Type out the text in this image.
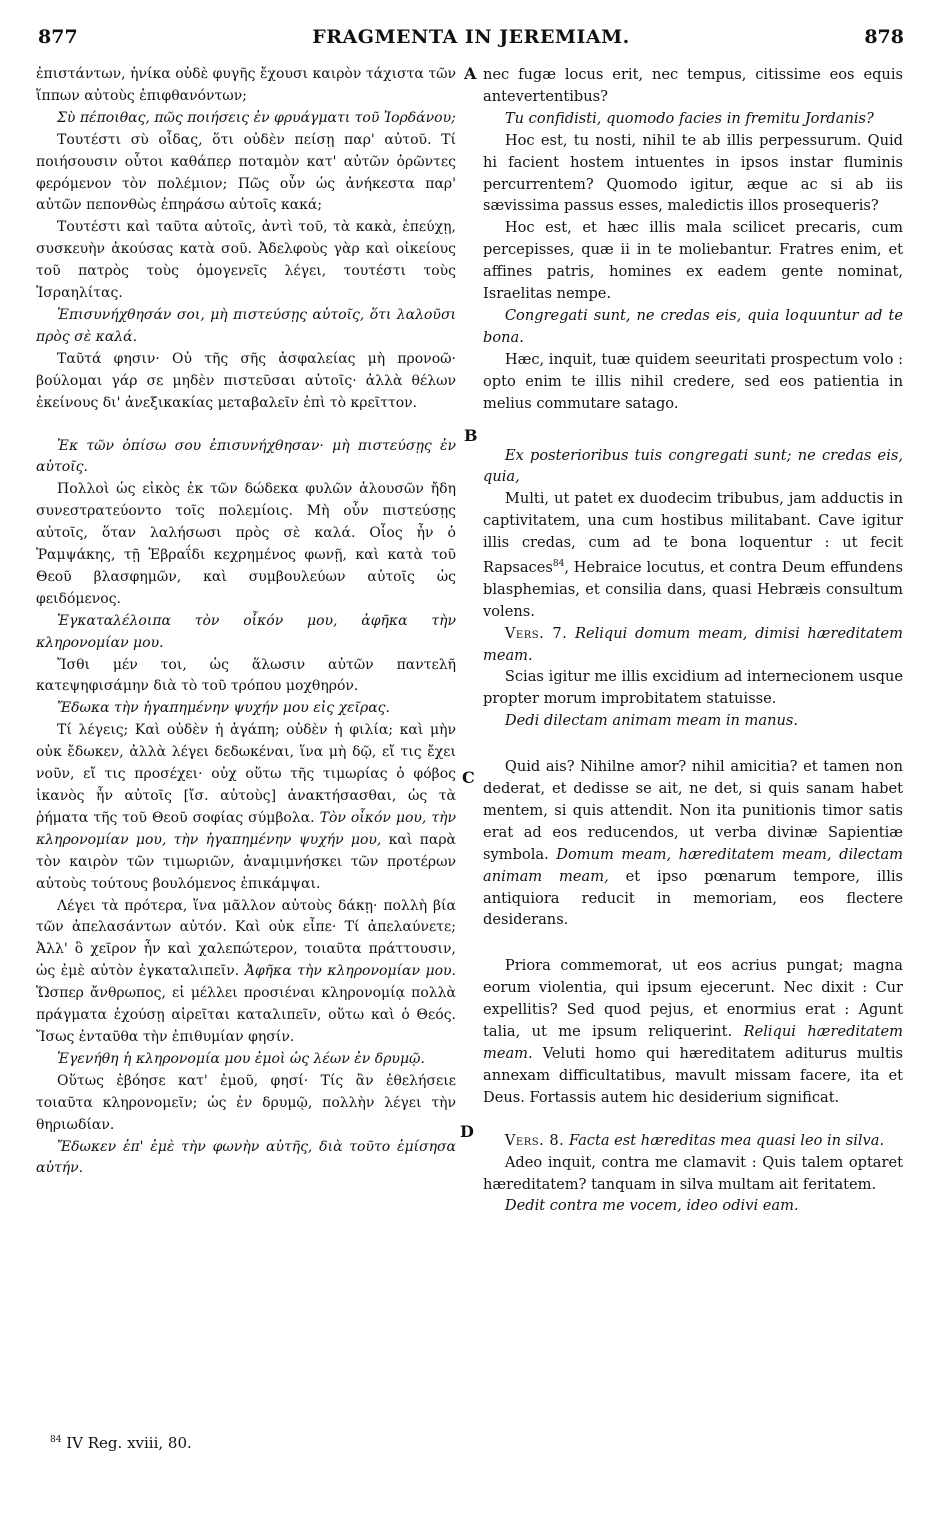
877	FRAGMENTA IN JEREMIAM.	878

ἐπιστάντων, ἡνίκα οὐδὲ φυγῆς ἔχουσι καιρὸν τάχιστα τῶν ἵππων αὐτοὺς ἐπιφθανόντων;

Σὺ πέποιθας, πῶς ποιήσεις ἐν φρυάγματι τοῦ Ἰορδάνου;

Τουτέστι σὺ οἶδας, ὅτι οὐδὲν πείσῃ παρ' αὐτοῦ. Τί ποιήσουσιν οὗτοι καθάπερ ποταμὸν κατ' αὐτῶν ὁρῶντες φερόμενον τὸν πολέμιον; Πῶς οὖν ὡς ἀνήκεστα παρ' αὐτῶν πεπονθὼς ἐπηράσω αὐτοῖς κακά;

Τουτέστι καὶ ταῦτα αὐτοῖς, ἀντὶ τοῦ, τὰ κακὰ, ἐπεύχῃ, συσκευὴν ἀκούσας κατὰ σοῦ. Ἀδελφοὺς γὰρ καὶ οἰκείους τοῦ πατρὸς τοὺς ὁμογενεῖς λέγει, τουτέστι τοὺς Ἰσραηλίτας.

Ἐπισυνήχθησάν σοι, μὴ πιστεύσῃς αὐτοῖς, ὅτι λαλοῦσι πρὸς σὲ καλά.

Ταῦτά φησιν· Οὐ τῆς σῆς ἀσφαλείας μὴ προνοῶ· βούλομαι γάρ σε μηδὲν πιστεῦσαι αὐτοῖς· ἀλλὰ θέλων ἐκείνους δι' ἀνεξικακίας μεταβαλεῖν ἐπὶ τὸ κρεῖττον.

Ἐκ τῶν ὀπίσω σου ἐπισυνήχθησαν· μὴ πιστεύσῃς ἐν αὐτοῖς.

Πολλοὶ ὡς εἰκὸς ἐκ τῶν δώδεκα φυλῶν ἁλουσῶν ἤδη συνεστρατεύοντο τοῖς πολεμίοις. Μὴ οὖν πιστεύσῃς αὐτοῖς, ὅταν λαλήσωσι πρὸς σὲ καλά. Οἷος ἦν ὁ Ῥαμψάκης, τῇ Ἑβραΐδι κεχρημένος φωνῇ, καὶ κατὰ τοῦ Θεοῦ βλασφημῶν, καὶ συμβουλεύων αὐτοῖς ὡς φειδόμενος.

Ἐγκαταλέλοιπα τὸν οἶκόν μου, ἀφῆκα τὴν κληρονομίαν μου.

Ἴσθι μέν τοι, ὡς ἅλωσιν αὐτῶν παντελῆ κατεψηφισάμην διὰ τὸ τοῦ τρόπου μοχθηρόν.

Ἔδωκα τὴν ἠγαπημένην ψυχήν μου εἰς χεῖρας.

Τί λέγεις; Καὶ οὐδὲν ἡ ἀγάπη; οὐδὲν ἡ φιλία; καὶ μὴν οὐκ ἔδωκεν, ἀλλὰ λέγει δεδωκέναι, ἵνα μὴ δῷ, εἴ τις ἔχει νοῦν, εἴ τις προσέχει· οὐχ οὕτω τῆς τιμωρίας ὁ φόβος ἱκανὸς ἦν αὐτοῖς [ἴσ. αὐτοὺς] ἀνακτήσασθαι, ὡς τὰ ῥήματα τῆς τοῦ Θεοῦ σοφίας σύμβολα. Τὸν οἶκόν μου, τὴν κληρονομίαν μου, τὴν ἠγαπημένην ψυχήν μου, καὶ παρὰ τὸν καιρὸν τῶν τιμωριῶν, ἀναμιμνήσκει τῶν προτέρων αὐτοὺς τούτους βουλόμενος ἐπικάμψαι.

Λέγει τὰ πρότερα, ἵνα μᾶλλον αὐτοὺς δάκῃ· πολλὴ βία τῶν ἀπελασάντων αὐτόν. Καὶ οὐκ εἶπε· Τί ἀπελαύνετε; Ἀλλ' ὃ χεῖρον ἦν καὶ χαλεπώτερον, τοιαῦτα πράττουσιν, ὡς ἐμὲ αὐτὸν ἐγκαταλιπεῖν. Ἀφῆκα τὴν κληρονομίαν μου. Ὥσπερ ἄνθρωπος, εἰ μέλλει προσιέναι κληρονομίᾳ πολλὰ πράγματα ἐχούσῃ αἱρεῖται καταλιπεῖν, οὕτω καὶ ὁ Θεός. Ἴσως ἐνταῦθα τὴν ἐπιθυμίαν φησίν.

Ἐγενήθη ἡ κληρονομία μου ἐμοὶ ὡς λέων ἐν δρυμῷ.

Οὕτως ἐβόησε κατ' ἐμοῦ, φησί· Τίς ἂν ἐθελήσειε τοιαῦτα κληρονομεῖν; ὡς ἐν δρυμῷ, πολλὴν λέγει τὴν θηριωδίαν.

Ἔδωκεν ἐπ' ἐμὲ τὴν φωνὴν αὐτῆς, διὰ τοῦτο ἐμίσησα αὐτήν.

A
B
C
D

nec fugæ locus erit, nec tempus, citissime eos equis antevertentibus?

Tu confidisti, quomodo facies in fremitu Jordanis?

Hoc est, tu nosti, nihil te ab illis perpessurum. Quid hi facient hostem intuentes in ipsos instar fluminis percurrentem? Quomodo igitur, æque ac si ab iis sævissima passus esses, maledictis illos prosequeris?

Hoc est, et hæc illis mala scilicet precaris, cum percepisses, quæ ii in te moliebantur. Fratres enim, et affines patris, homines ex eadem gente nominat, Israelitas nempe.

Congregati sunt, ne credas eis, quia loquuntur ad te bona.

Hæc, inquit, tuæ quidem seeuritati prospectum volo : opto enim te illis nihil credere, sed eos patientia in melius commutare satago.

Ex posterioribus tuis congregati sunt; ne credas eis, quia,

Multi, ut patet ex duodecim tribubus, jam adductis in captivitatem, una cum hostibus militabant. Cave igitur illis credas, cum ad te bona loquentur : ut fecit Rapsaces$^{84}$, Hebraice locutus, et contra Deum effundens blasphemias, et consilia dans, quasi Hebræis consultum volens.

Vers. 7. Reliqui domum meam, dimisi hæreditatem meam.

Scias igitur me illis excidium ad internecionem usque propter morum improbitatem statuisse.

Dedi dilectam animam meam in manus.

Quid ais? Nihilne amor? nihil amicitia? et tamen non dederat, et dedisse se ait, ne det, si quis sanam habet mentem, si quis attendit. Non ita punitionis timor satis erat ad eos reducendos, ut verba divinæ Sapientiæ symbola. Domum meam, hæreditatem meam, dilectam animam meam, et ipso pœnarum tempore, illis antiquiora reducit in memoriam, eos flectere desiderans.

Priora commemorat, ut eos acrius pungat; magna eorum violentia, qui ipsum ejecerunt. Nec dixit : Cur expellitis? Sed quod pejus, et enormius erat : Agunt talia, ut me ipsum reliquerint. Reliqui hæreditatem meam. Veluti homo qui hæreditatem aditurus multis annexam difficultatibus, mavult missam facere, ita et Deus. Fortassis autem hic desiderium significat.

Vers. 8. Facta est hæreditas mea quasi leo in silva.

Adeo inquit, contra me clamavit : Quis talem optaret hæreditatem? tanquam in silva multam ait feritatem.

Dedit contra me vocem, ideo odivi eam.

$^{84}$ IV Reg. xviii, 80.
